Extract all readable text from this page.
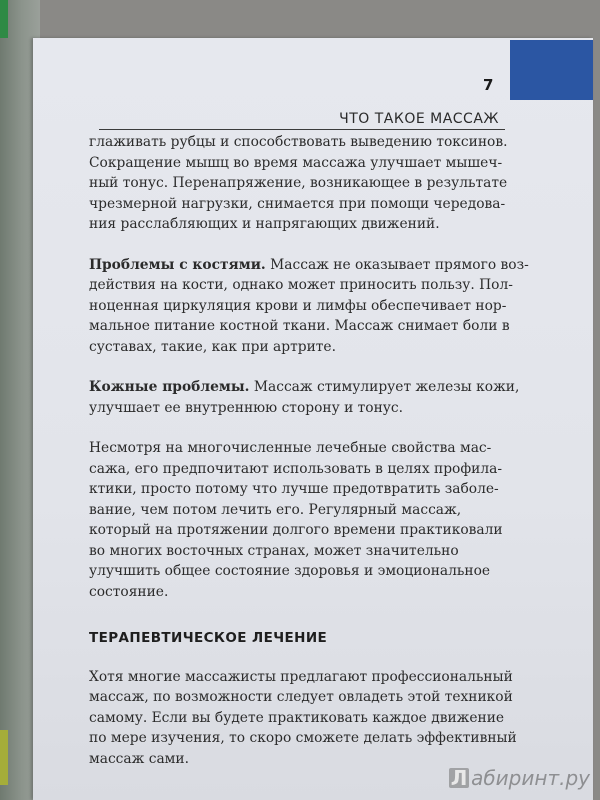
ЧТО ТАКОЕ МАССАЖ
7

глаживать рубцы и способствовать выведению токсинов.
Сокращение мышц во время массажа улучшает мышеч-
ный тонус. Перенапряжение, возникающее в результате
чрезмерной нагрузки, снимается при помощи чередова-
ния расслабляющих и напрягающих движений.

Проблемы с костями. Массаж не оказывает прямого воз-
действия на кости, однако может приносить пользу. Пол-
ноценная циркуляция крови и лимфы обеспечивает нор-
мальное питание костной ткани. Массаж снимает боли в
суставах, такие, как при артрите.

Кожные проблемы. Массаж стимулирует железы кожи,
улучшает ее внутреннюю сторону и тонус.

Несмотря на многочисленные лечебные свойства мас-
сажа, его предпочитают использовать в целях профила-
ктики, просто потому что лучше предотвратить заболе-
вание, чем потом лечить его. Регулярный массаж,
который на протяжении долгого времени практиковали
во многих восточных странах, может значительно
улучшить общее состояние здоровья и эмоциональное
состояние.

ТЕРАПЕВТИЧЕСКОЕ ЛЕЧЕНИЕ

Хотя многие массажисты предлагают профессиональный
массаж, по возможности следует овладеть этой техникой
самому. Если вы будете практиковать каждое движение
по мере изучения, то скоро сможете делать эффективный
массаж сами.

Л абиринт.ру
